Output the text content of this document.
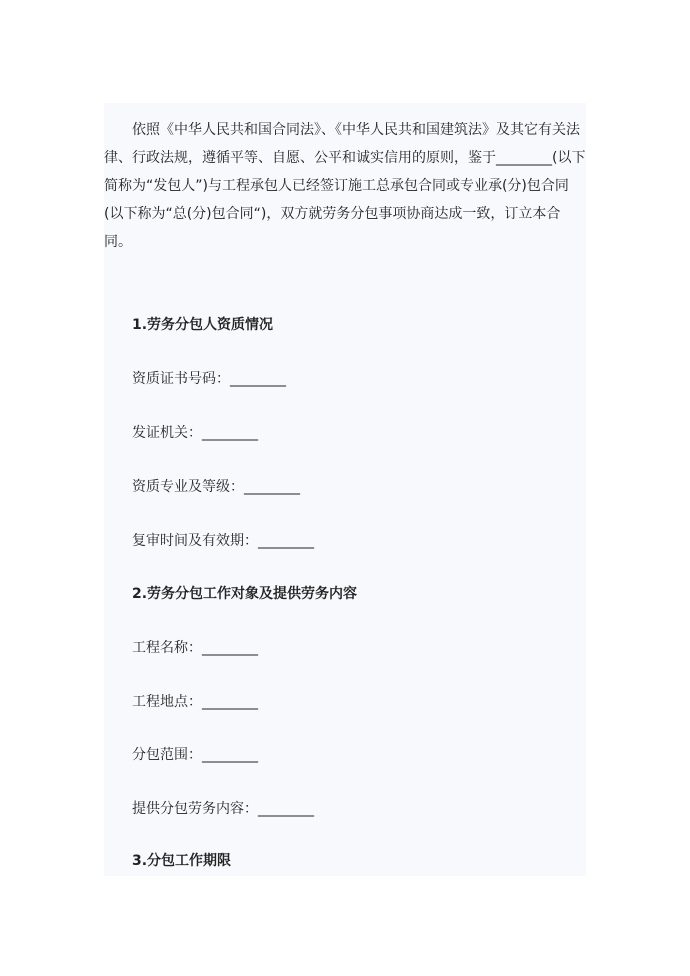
依照《中华人民共和国合同法》、《中华人民共和国建筑法》及其它有关法律、行政法规，遵循平等、自愿、公平和诚实信用的原则，鉴于________(以下简称为“发包人”)与工程承包人已经签订施工总承包合同或专业承(分)包合同(以下称为“总(分)包合同“)，双方就劳务分包事项协商达成一致，订立本合同。

1.劳务分包人资质情况

资质证书号码：________

发证机关：________

资质专业及等级：________

复审时间及有效期：________

2.劳务分包工作对象及提供劳务内容

工程名称：________

工程地点：________

分包范围：________

提供分包劳务内容：________

3.分包工作期限
